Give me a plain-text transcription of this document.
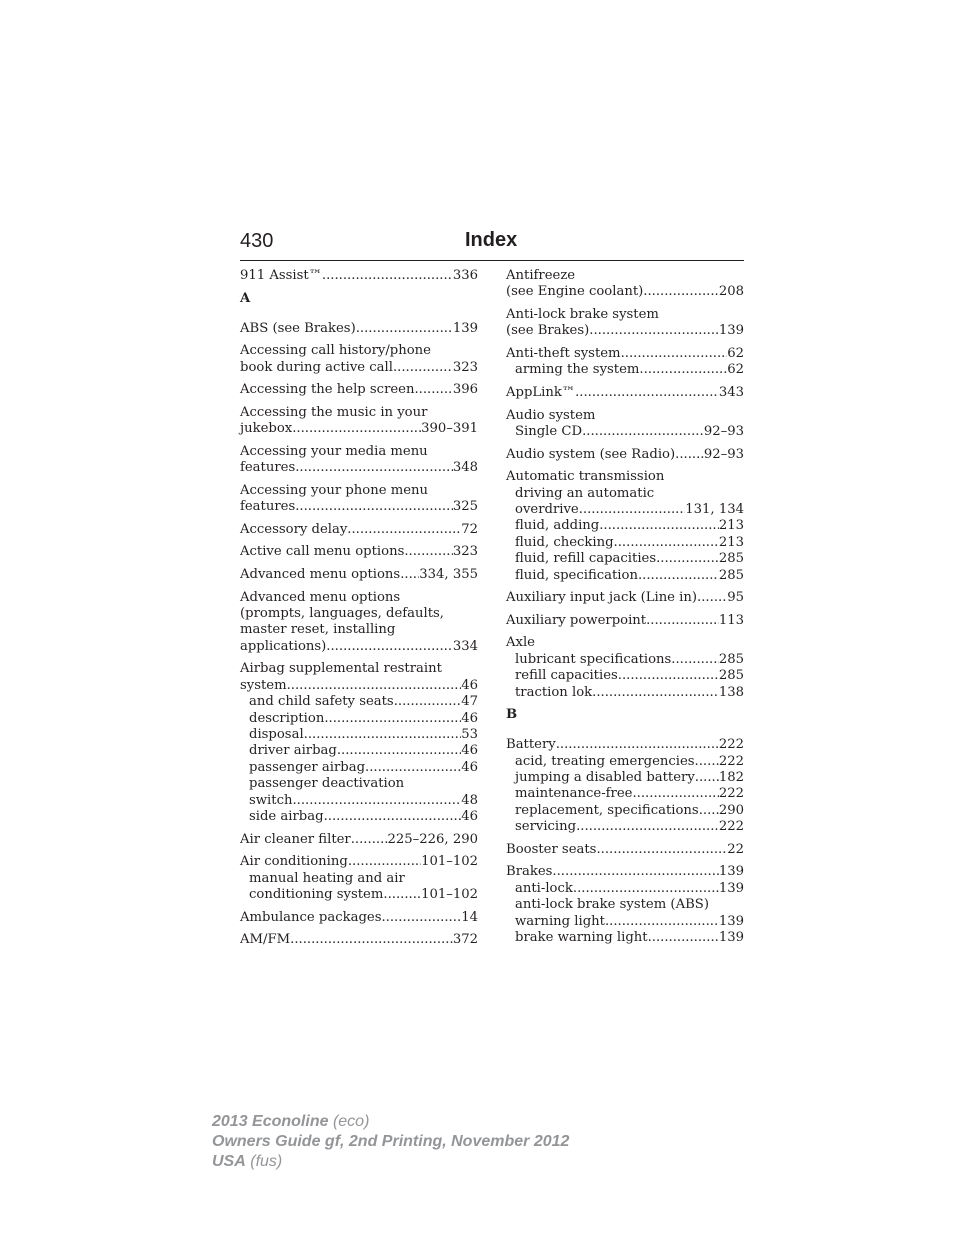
430	Index
911 Assist™ .....	336
A
ABS (see Brakes) .....	139
Accessing call history/phone
book during active call .....	323
Accessing the help screen .....	396
Accessing the music in your
jukebox .....	390–391
Accessing your media menu
features .....	348
Accessing your phone menu
features .....	325
Accessory delay .....	72
Active call menu options .....	323
Advanced menu options ..... 334, 355
Advanced menu options
(prompts, languages, defaults,
master reset, installing
applications) .....	334
Airbag supplemental restraint
system .....	46
and child safety seats .....	47
description .....	46
disposal .....	53
driver airbag .....	46
passenger airbag .....	46
passenger deactivation
switch .....	48
side airbag .....	46
Air cleaner filter .....	225–226, 290
Air conditioning .....	101–102
manual heating and air
conditioning system .....	101–102
Ambulance packages .....	14
AM/FM .....	372
Antifreeze
(see Engine coolant) .....	208
Anti-lock brake system
(see Brakes) .....	139
Anti-theft system .....	62
arming the system .....	62
AppLink™ .....	343
Audio system
Single CD .....	92–93
Audio system (see Radio) ..... 92–93
Automatic transmission
driving an automatic
overdrive .....	131, 134
fluid, adding .....	213
fluid, checking .....	213
fluid, refill capacities .....	285
fluid, specification .....	285
Auxiliary input jack (Line in) ..... 95
Auxiliary powerpoint .....	113
Axle
lubricant specifications .....	285
refill capacities .....	285
traction lok .....	138
B
Battery .....	222
acid, treating emergencies ..... 222
jumping a disabled battery ..... 182
maintenance-free .....	222
replacement, specifications ..... 290
servicing .....	222
Booster seats .....	22
Brakes .....	139
anti-lock .....	139
anti-lock brake system (ABS)
warning light .....	139
brake warning light .....	139
2013 Econoline (eco)
Owners Guide gf, 2nd Printing, November 2012
USA (fus)
